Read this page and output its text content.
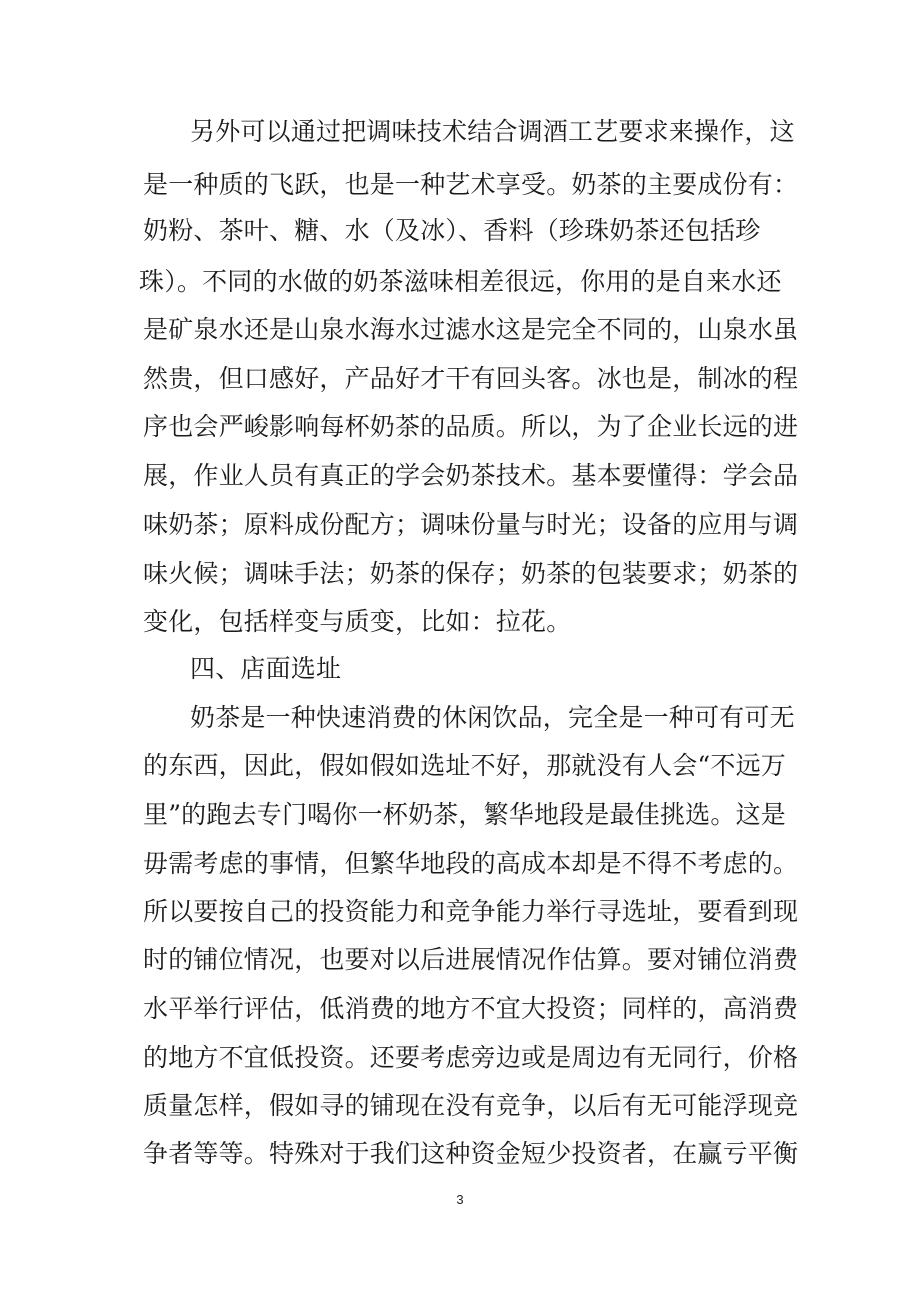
另外可以通过把调味技术结合调酒工艺要求来操作，这
是一种质的飞跃，也是一种艺术享受。奶茶的主要成份有：
奶粉、茶叶、糖、水（及冰）、香料（珍珠奶茶还包括珍
珠）。不同的水做的奶茶滋味相差很远，你用的是自来水还
是矿泉水还是山泉水海水过滤水这是完全不同的，山泉水虽
然贵，但口感好，产品好才干有回头客。冰也是，制冰的程
序也会严峻影响每杯奶茶的品质。所以，为了企业长远的进
展，作业人员有真正的学会奶茶技术。基本要懂得：学会品
味奶茶；原料成份配方；调味份量与时光；设备的应用与调
味火候；调味手法；奶茶的保存；奶茶的包装要求；奶茶的
变化，包括样变与质变，比如：拉花。
四、店面选址
奶茶是一种快速消费的休闲饮品，完全是一种可有可无
的东西，因此，假如假如选址不好，那就没有人会“不远万
里”的跑去专门喝你一杯奶茶，繁华地段是最佳挑选。这是
毋需考虑的事情，但繁华地段的高成本却是不得不考虑的。
所以要按自己的投资能力和竞争能力举行寻选址，要看到现
时的铺位情况，也要对以后进展情况作估算。要对铺位消费
水平举行评估，低消费的地方不宜大投资；同样的，高消费
的地方不宜低投资。还要考虑旁边或是周边有无同行，价格
质量怎样，假如寻的铺现在没有竞争，以后有无可能浮现竞
争者等等。特殊对于我们这种资金短少投资者，在赢亏平衡
3
